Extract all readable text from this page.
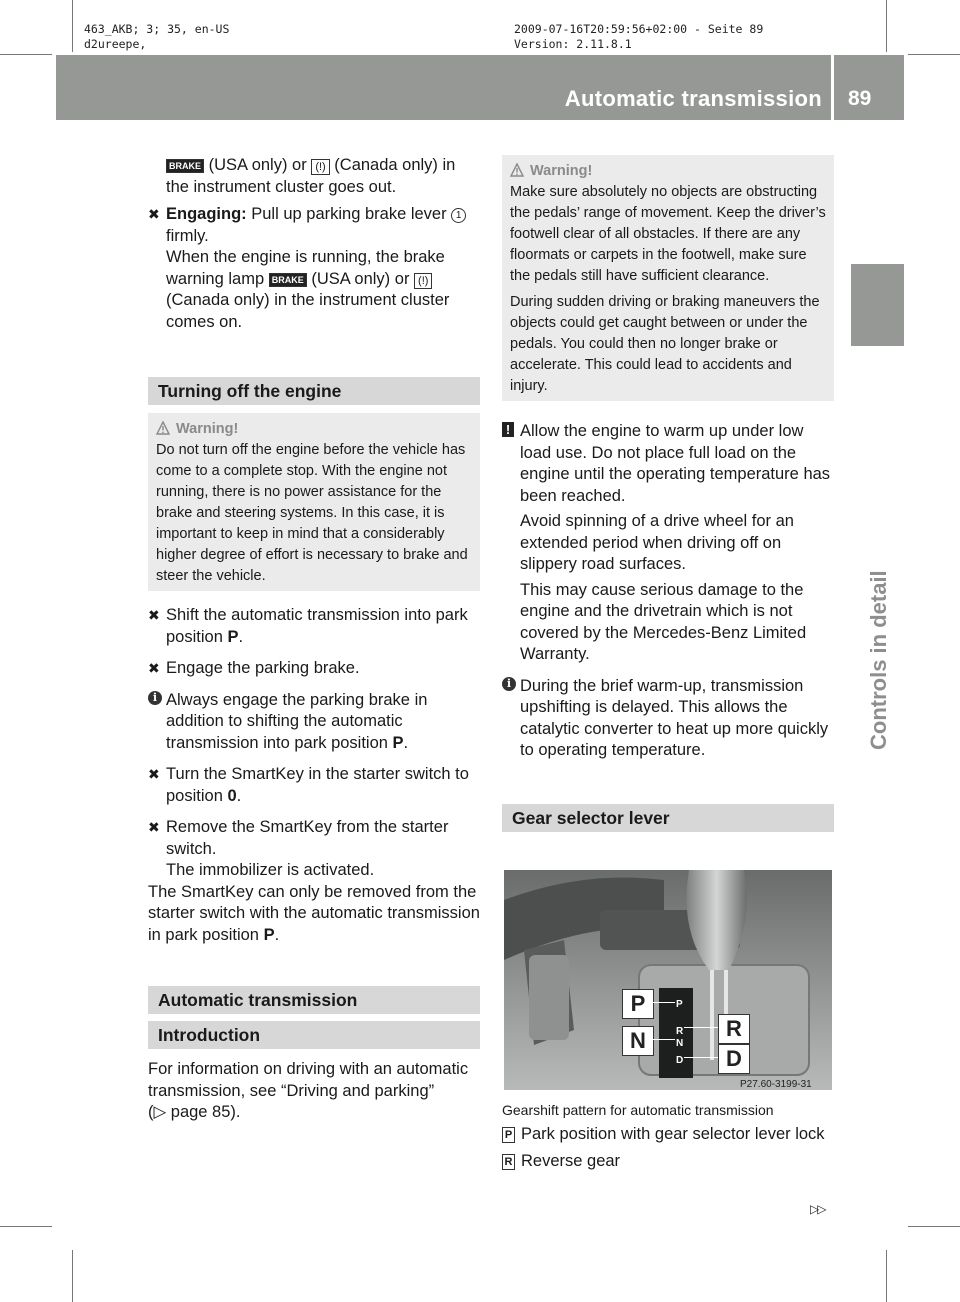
463_AKB; 3; 35, en-US
d2ureepe,
2009-07-16T20:59:56+02:00 - Seite 89
Version: 2.11.8.1
Automatic transmission 89
Controls in detail

BRAKE (USA only) or (!) (Canada only) in the instrument cluster goes out.

✖ Engaging: Pull up parking brake lever 1 firmly.
When the engine is running, the brake warning lamp BRAKE (USA only) or (!) (Canada only) in the instrument cluster comes on.
Turning off the engine
Warning!

Do not turn off the engine before the vehicle has come to a complete stop. With the engine not running, there is no power assistance for the brake and steering systems. In this case, it is important to keep in mind that a considerably higher degree of effort is necessary to brake and steer the vehicle.

✖ Shift the automatic transmission into park position P.
✖ Engage the parking brake.
i Always engage the parking brake in addition to shifting the automatic transmission into park position P.
✖ Turn the SmartKey in the starter switch to position 0.
✖ Remove the SmartKey from the starter switch.
The immobilizer is activated.

The SmartKey can only be removed from the starter switch with the automatic transmission in park position P.

Automatic transmission
Introduction

For information on driving with an automatic transmission, see “Driving and parking”
(▷ page 85).

Warning!

Make sure absolutely no objects are obstructing the pedals’ range of movement. Keep the driver’s footwell clear of all obstacles. If there are any floormats or carpets in the footwell, make sure the pedals still have sufficient clearance.

During sudden driving or braking maneuvers the objects could get caught between or under the pedals. You could then no longer brake or accelerate. This could lead to accidents and injury.

! Allow the engine to warm up under low load use. Do not place full load on the engine until the operating temperature has been reached.

Avoid spinning of a drive wheel for an extended period when driving off on slippery road surfaces.

This may cause serious damage to the engine and the drivetrain which is not covered by the Mercedes-Benz Limited Warranty.

i During the brief warm-up, transmission upshifting is delayed. This allows the catalytic converter to heat up more quickly to operating temperature.
Gear selector lever
P
N	R
D
P
R
N
D
P27.60-3199-31

Gearshift pattern for automatic transmission

P Park position with gear selector lever lock

R Reverse gear

▷▷
